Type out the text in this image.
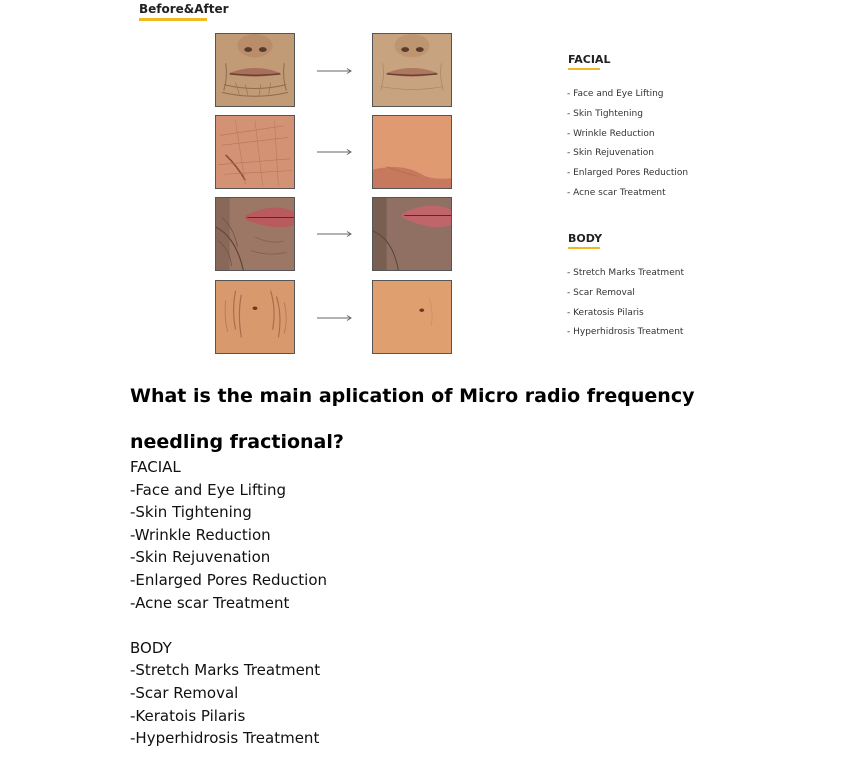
Before&After
FACIAL
- Face and Eye Lifting
- Skin Tightening
- Wrinkle Reduction
- Skin Rejuvenation
- Enlarged Pores Reduction
- Acne scar Treatment
BODY
- Stretch Marks Treatment
- Scar Removal
- Keratosis Pilaris
- Hyperhidrosis Treatment
What is the main aplication of Micro radio frequency needling fractional?
FACIAL
-Face and Eye Lifting
-Skin Tightening
-Wrinkle Reduction
-Skin Rejuvenation
-Enlarged Pores Reduction
-Acne scar Treatment
BODY
-Stretch Marks Treatment
-Scar Removal
-Keratois Pilaris
-Hyperhidrosis Treatment
